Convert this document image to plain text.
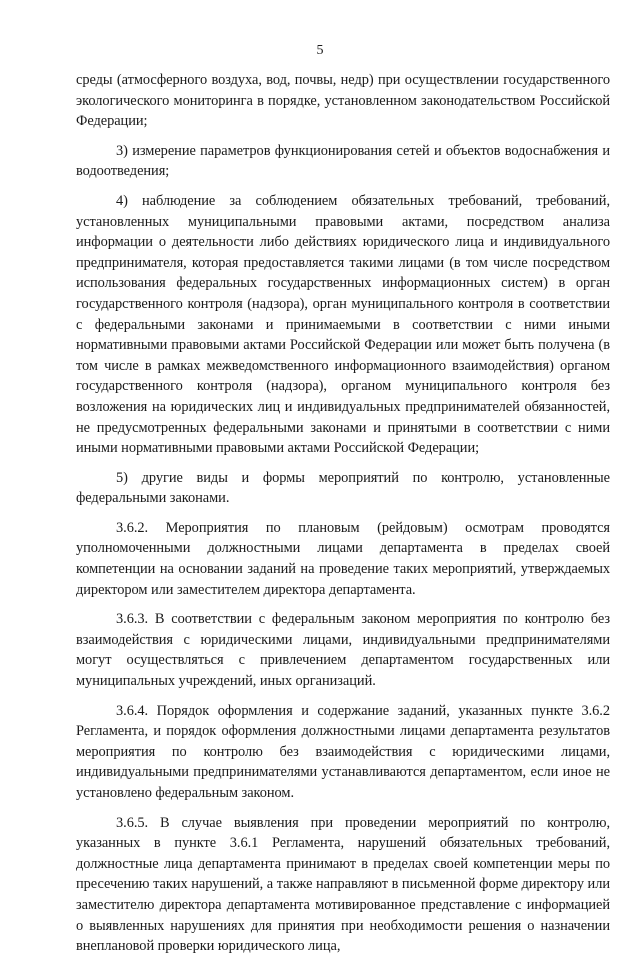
5

среды (атмосферного воздуха, вод, почвы, недр) при осуществлении государственного экологического мониторинга в порядке, установленном законодательством Российской Федерации;

3) измерение параметров функционирования сетей и объектов водоснабжения и водоотведения;

4) наблюдение за соблюдением обязательных требований, требований, установленных муниципальными правовыми актами, посредством анализа информации о деятельности либо действиях юридического лица и индивидуального предпринимателя, которая предоставляется такими лицами (в том числе посредством использования федеральных государственных информационных систем) в орган государственного контроля (надзора), орган муниципального контроля в соответствии с федеральными законами и принимаемыми в соответствии с ними иными нормативными правовыми актами Российской Федерации или может быть получена (в том числе в рамках межведомственного информационного взаимодействия) органом государственного контроля (надзора), органом муниципального контроля без возложения на юридических лиц и индивидуальных предпринимателей обязанностей, не предусмотренных федеральными законами и принятыми в соответствии с ними иными нормативными правовыми актами Российской Федерации;

5) другие виды и формы мероприятий по контролю, установленные федеральными законами.

3.6.2. Мероприятия по плановым (рейдовым) осмотрам проводятся уполномоченными должностными лицами департамента в пределах своей компетенции на основании заданий на проведение таких мероприятий, утверждаемых директором или заместителем директора департамента.

3.6.3. В соответствии с федеральным законом мероприятия по контролю без взаимодействия с юридическими лицами, индивидуальными предпринимателями могут осуществляться с привлечением департаментом государственных или муниципальных учреждений, иных организаций.

3.6.4. Порядок оформления и содержание заданий, указанных пункте 3.6.2 Регламента, и порядок оформления должностными лицами департамента результатов мероприятия по контролю без взаимодействия с юридическими лицами, индивидуальными предпринимателями устанавливаются департаментом, если иное не установлено федеральным законом.

3.6.5. В случае выявления при проведении мероприятий по контролю, указанных в пункте 3.6.1 Регламента, нарушений обязательных требований, должностные лица департамента принимают в пределах своей компетенции меры по пресечению таких нарушений, а также направляют в письменной форме директору или заместителю директора департамента мотивированное представление с информацией о выявленных нарушениях для принятия при необходимости решения о назначении внеплановой проверки юридического лица,
